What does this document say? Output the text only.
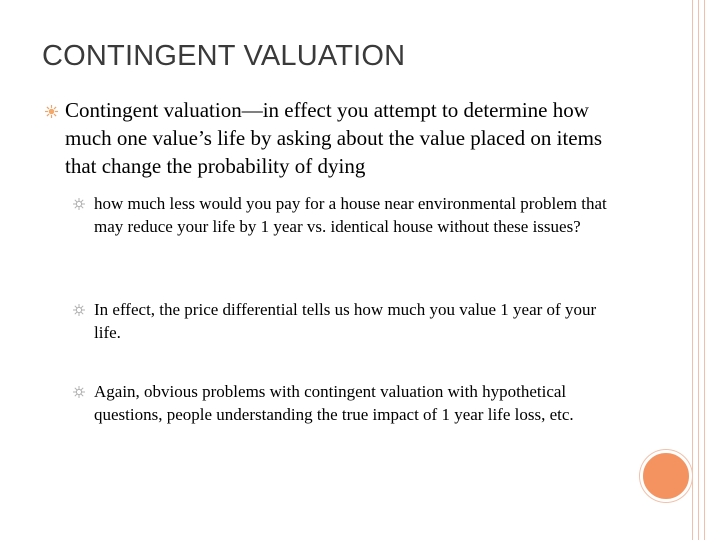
CONTINGENT VALUATION
Contingent valuation—in effect you attempt to determine how much one value’s life by asking about the value placed on items that change the probability of dying
how much less would you pay for a house near environmental problem that may reduce your life by 1 year vs. identical house without these issues?
In effect, the price differential tells us how much you value 1 year of your life.
Again, obvious problems with contingent valuation with hypothetical questions, people understanding the true impact of 1 year life loss, etc.
